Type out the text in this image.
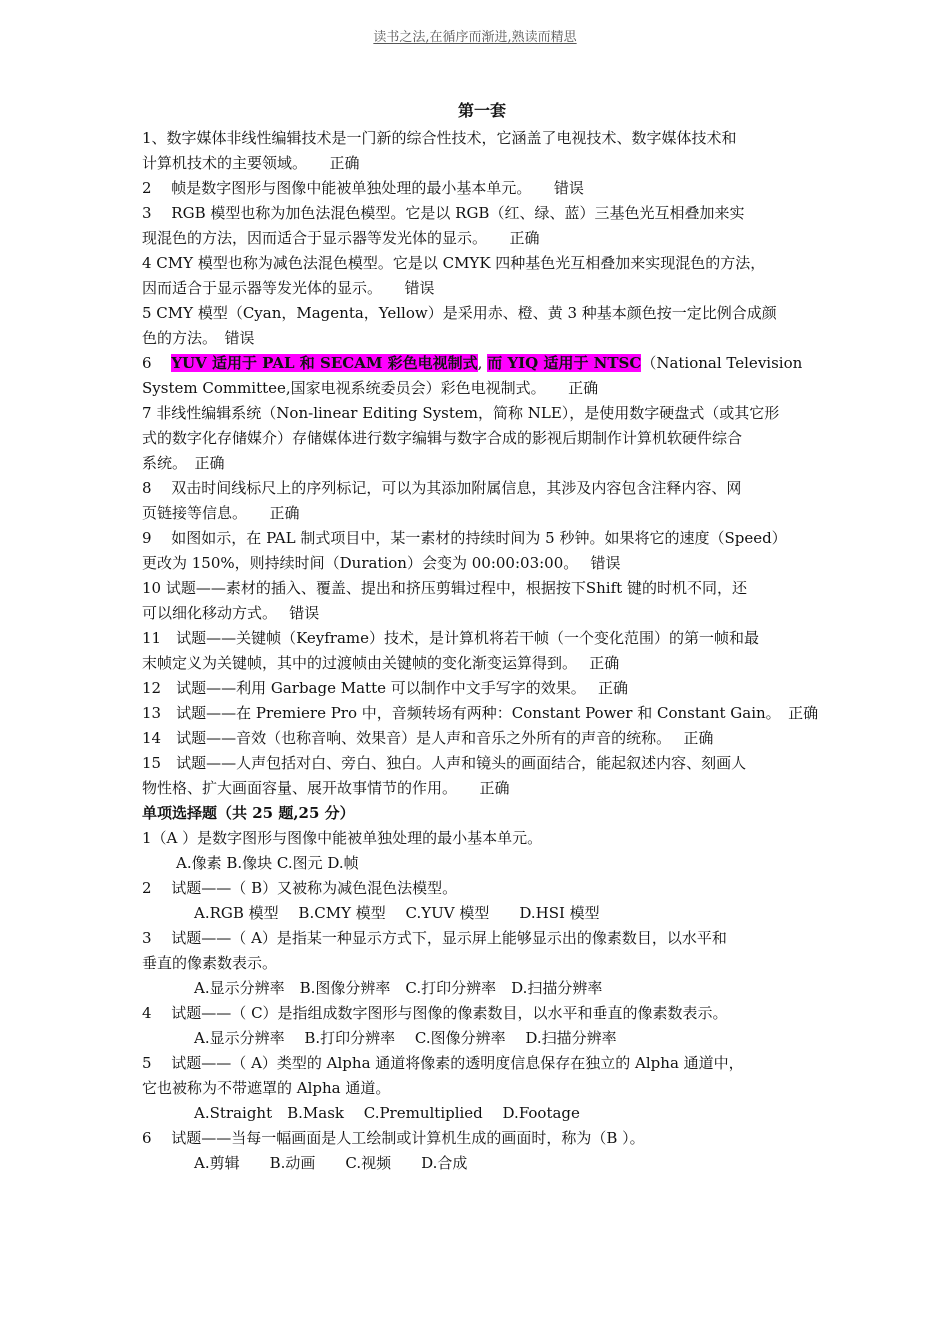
读书之法,在循序而渐进,熟读而精思
第一套
1、数字媒体非线性编辑技术是一门新的综合性技术，它涵盖了电视技术、数字媒体技术和
计算机技术的主要领域。　　正确
2　 帧是数字图形与图像中能被单独处理的最小基本单元。　　错误
3　 RGB 模型也称为加色法混色模型。它是以 RGB（红、绿、蓝）三基色光互相叠加来实
现混色的方法，因而适合于显示器等发光体的显示。　　正确
4 CMY 模型也称为减色法混色模型。它是以 CMYK 四种基色光互相叠加来实现混色的方法，
因而适合于显示器等发光体的显示。　　错误
5 CMY 模型（Cyan，Magenta，Yellow）是采用赤、橙、黄 3 种基本颜色按一定比例合成颜
色的方法。　错误
6　 YUV 适用于 PAL 和 SECAM 彩色电视制式, 而 YIQ 适用于 NTSC（National Television
System Committee,国家电视系统委员会）彩色电视制式。　　正确
7 非线性编辑系统（Non-linear Editing System，简称 NLE），是使用数字硬盘式（或其它形
式的数字化存储媒介）存储媒体进行数字编辑与数字合成的影视后期制作计算机软硬件综合
系统。　正确
8　 双击时间线标尺上的序列标记，可以为其添加附属信息，其涉及内容包含注释内容、网
页链接等信息。　　正确
9　 如图如示，在 PAL 制式项目中，某一素材的持续时间为 5 秒钟。如果将它的速度（Speed）
更改为 150%，则持续时间（Duration）会变为 00:00:03:00。　 错误
10 试题——素材的插入、覆盖、提出和挤压剪辑过程中，根据按下Shift 键的时机不同，还
可以细化移动方式。　 错误
11　试题——关键帧（Keyframe）技术，是计算机将若干帧（一个变化范围）的第一帧和最
末帧定义为关键帧，其中的过渡帧由关键帧的变化渐变运算得到。　 正确
12　试题——利用 Garbage Matte 可以制作中文手写字的效果。　 正确
13　试题——在 Premiere Pro 中，音频转场有两种：Constant Power 和 Constant Gain。　正确
14　试题——音效（也称音响、效果音）是人声和音乐之外所有的声音的统称。　 正确
15　试题——人声包括对白、旁白、独白。人声和镜头的画面结合，能起叙述内容、刻画人
物性格、扩大画面容量、展开故事情节的作用。　　正确
单项选择题（共 25 题,25 分）
1（A ）是数字图形与图像中能被单独处理的最小基本单元。
A.像素 B.像块 C.图元 D.帧
2　 试题——（ B）又被称为减色混色法模型。
A.RGB 模型　 B.CMY 模型　 C.YUV 模型　　D.HSI 模型
3　 试题——（ A）是指某一种显示方式下，显示屏上能够显示出的像素数目，以水平和
垂直的像素数表示。
A.显示分辨率　B.图像分辨率　C.打印分辨率　D.扫描分辨率
4　 试题——（ C）是指组成数字图形与图像的像素数目，以水平和垂直的像素数表示。
A.显示分辨率　 B.打印分辨率　 C.图像分辨率　 D.扫描分辨率
5　 试题——（ A）类型的 Alpha 通道将像素的透明度信息保存在独立的 Alpha 通道中，
它也被称为不带遮罩的 Alpha 通道。
A.Straight　B.Mask　 C.Premultiplied　 D.Footage
6　 试题——当每一幅画面是人工绘制或计算机生成的画面时，称为（B ）。
A.剪辑　　B.动画　　C.视频　　D.合成
